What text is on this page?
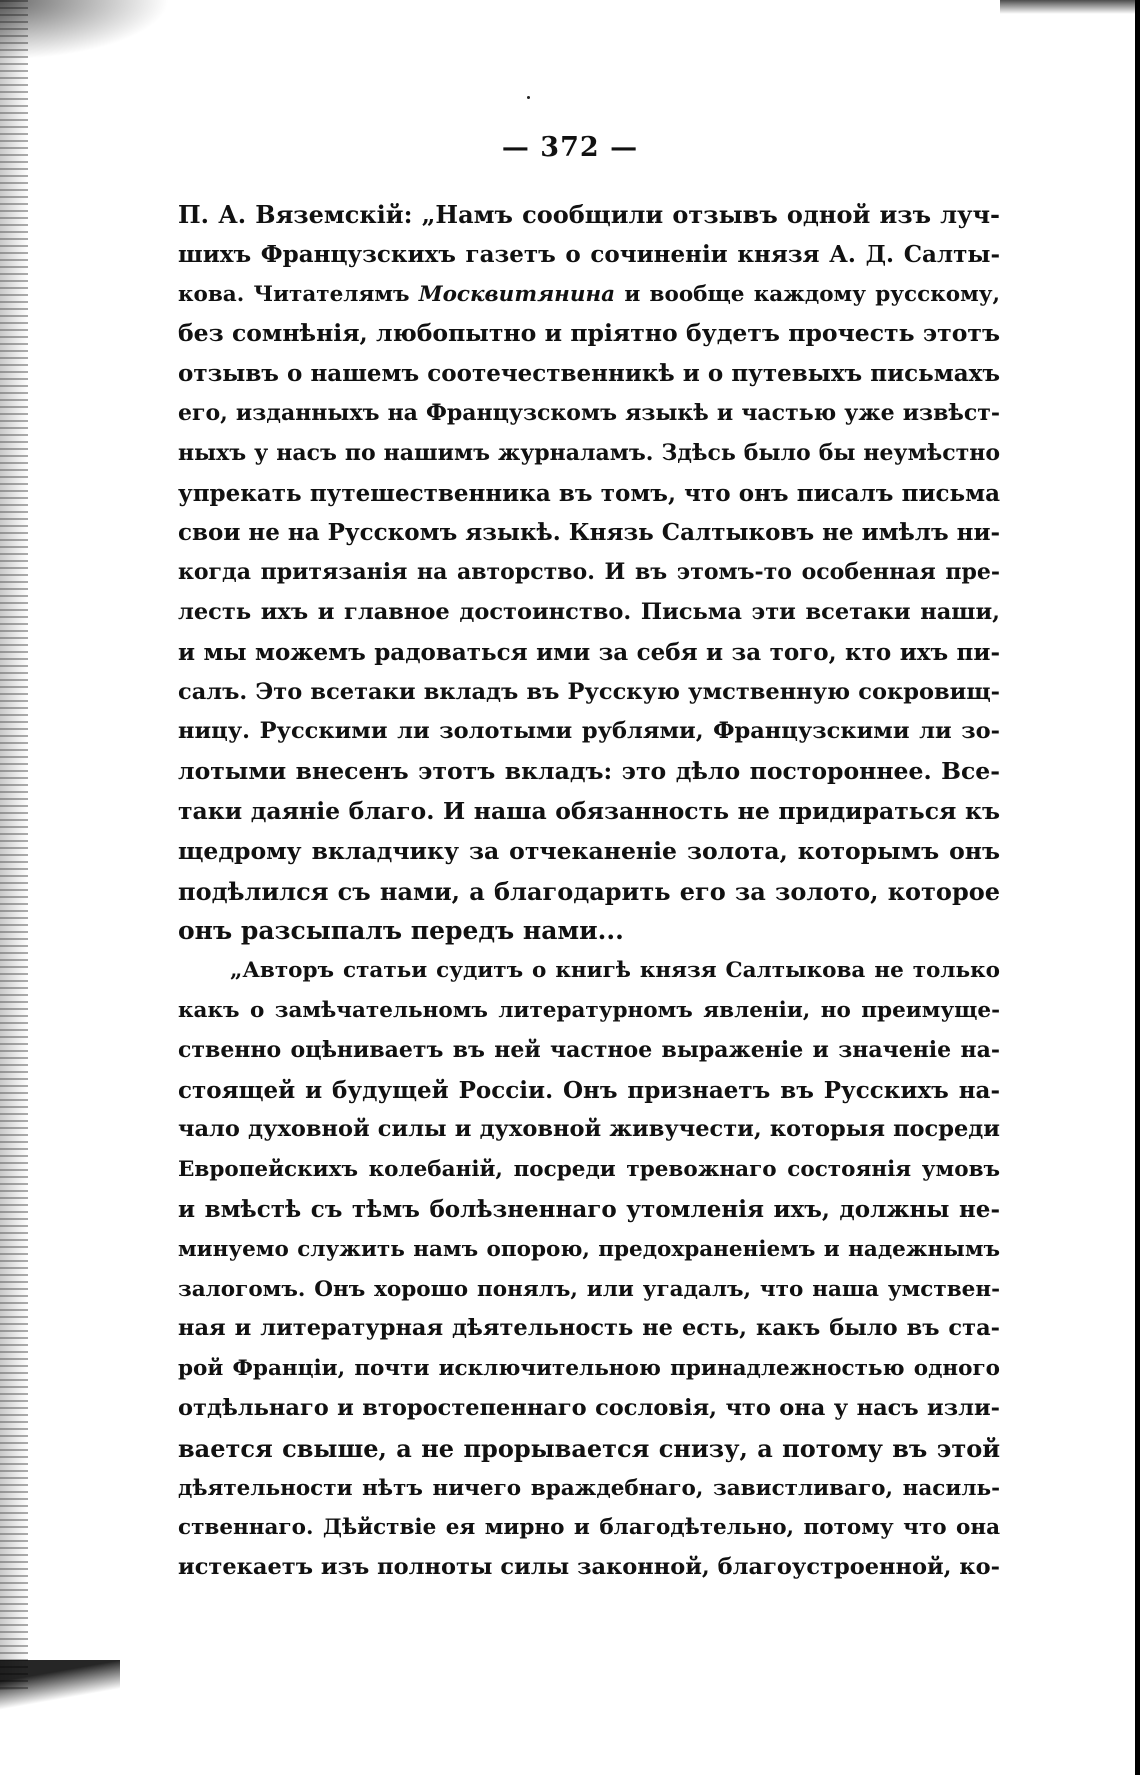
— 372 —
П. А. Вяземскій: „Намъ сообщили отзывъ одной изъ луч-
шихъ Французскихъ газетъ о сочиненіи князя А. Д. Салты-
кова. Читателямъ Москвитянина и вообще каждому русскому,
без сомнѣнія, любопытно и пріятно будетъ прочесть этотъ
отзывъ о нашемъ соотечественникѣ и о путевыхъ письмахъ
его, изданныхъ на Французскомъ языкѣ и частью уже извѣст-
ныхъ у насъ по нашимъ журналамъ. Здѣсь было бы неумѣстно
упрекать путешественника въ томъ, что онъ писалъ письма
свои не на Русскомъ языкѣ. Князь Салтыковъ не имѣлъ ни-
когда притязанія на авторство. И въ этомъ-то особенная пре-
лесть ихъ и главное достоинство. Письма эти всетаки наши,
и мы можемъ радоваться ими за себя и за того, кто ихъ пи-
салъ. Это всетаки вкладъ въ Русскую умственную сокровищ-
ницу. Русскими ли золотыми рублями, Французскими ли зо-
лотыми внесенъ этотъ вкладъ: это дѣло постороннее. Все-
таки даяніе благо. И наша обязанность не придираться къ
щедрому вкладчику за отчеканеніе золота, которымъ онъ
подѣлился съ нами, а благодарить его за золото, которое
онъ разсыпалъ передъ нами...
„Авторъ статьи судитъ о книгѣ князя Салтыкова не только
какъ о замѣчательномъ литературномъ явленіи, но преимуще-
ственно оцѣниваетъ въ ней частное выраженіе и значеніе на-
стоящей и будущей Россіи. Онъ признаетъ въ Русскихъ на-
чало духовной силы и духовной живучести, которыя посреди
Европейскихъ колебаній, посреди тревожнаго состоянія умовъ
и вмѣстѣ съ тѣмъ болѣзненнаго утомленія ихъ, должны не-
минуемо служить намъ опорою, предохраненіемъ и надежнымъ
залогомъ. Онъ хорошо понялъ, или угадалъ, что наша умствен-
ная и литературная дѣятельность не есть, какъ было въ ста-
рой Франціи, почти исключительною принадлежностью одного
отдѣльнаго и второстепеннаго сословія, что она у насъ изли-
вается свыше, а не прорывается снизу, а потому въ этой
дѣятельности нѣтъ ничего враждебнаго, завистливаго, насиль-
ственнаго. Дѣйствіе ея мирно и благодѣтельно, потому что она
истекаетъ изъ полноты силы законной, благоустроенной, ко-
